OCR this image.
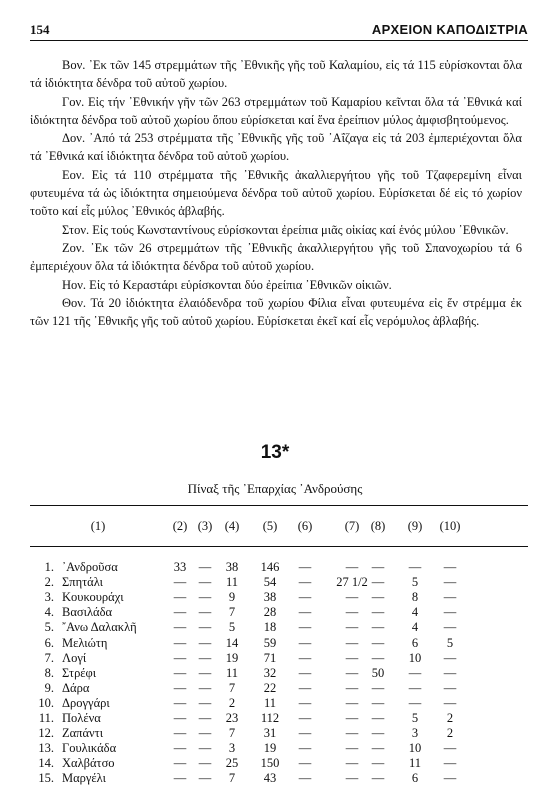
154	ΑΡΧΕΙΟΝ ΚΑΠΟΔΙΣΤΡΙΑ

Βον. ᾿Εκ τῶν 145 στρεμμάτων τῆς ᾿Εθνικῆς γῆς τοῦ Καλαμίου, εἰς τά 115 εὑρίσκονται ὅλα τά ἰδιόκτητα δένδρα τοῦ αὐτοῦ χωρίου.

Γον. Εἰς τήν ᾿Εθνικήν γῆν τῶν 263 στρεμμάτων τοῦ Καμαρίου κεῖνται ὅλα τά ᾿Εθνικά καί ἰδιόκτητα δένδρα τοῦ αὐτοῦ χωρίου ὅπου εὑρίσκεται καί ἕνα ἐρείπιον μύλος ἀμφισβητούμενος.

Δον. ᾿Από τά 253 στρέμματα τῆς ᾿Εθνικῆς γῆς τοῦ ᾿Αΐζαγα εἰς τά 203 ἐμπεριέχονται ὅλα τά ᾿Εθνικά καί ἰδιόκτητα δένδρα τοῦ αὐτοῦ χωρίου.

Εον. Εἰς τά 110 στρέμματα τῆς ᾿Εθνικῆς ἀκαλλιεργήτου γῆς τοῦ Τζαφερεμίνη εἶναι φυτευμένα τά ὡς ἰδιόκτητα σημειούμενα δένδρα τοῦ αὐτοῦ χωρίου. Εὑρίσκεται δέ εἰς τό χωρίον τοῦτο καί εἷς μύλος ᾿Εθνικός ἀβλαβής.

Στον. Εἰς τούς Κωνσταντίνους εὑρίσκονται ἐρείπια μιᾶς οἰκίας καί ἑνός μύλου ᾿Εθνικῶν.

Ζον. ᾿Εκ τῶν 26 στρεμμάτων τῆς ᾿Εθνικῆς ἀκαλλιεργήτου γῆς τοῦ Σπανοχωρίου τά 6 ἐμπεριέχουν ὅλα τά ἰδιόκτητα δένδρα τοῦ αὐτοῦ χωρίου.

Ηον. Εἰς τό Κεραστάρι εὑρίσκονται δύο ἐρείπια ᾿Εθνικῶν οἰκιῶν.

Θον. Τά 20 ἰδιόκτητα ἐλαιόδενδρα τοῦ χωρίου Φίλια εἶναι φυτευμένα εἰς ἕν στρέμμα ἐκ τῶν 121 τῆς ᾿Εθνικῆς γῆς τοῦ αὐτοῦ χωρίου. Εὑρίσκεται ἐκεῖ καί εἷς νερόμυλος ἀβλαβής.

13*
Πίναξ τῆς ᾿Επαρχίας ᾿Ανδρούσης
(1)	(2) (3) (4)	(5)	(6)	(7) (8)	(9)	(10)
1. ᾿Ανδροῦσα	33	—	38	146	—	—	—	—	—
2. Σπητάλι	—	—	11	54	—	27 1/2 —	5	—
3. Κουκουράχι	—	—	9	38	—	—	—	8	—
4. Βασιλάδα	—	—	7	28	—	—	—	4	—
5. ῎Ανω Δαλακλῆ	—	—	5	18	—	—	—	4	—
6. Μελιώτη	—	—	14	59	—	—	—	6	5
7. Λογί	—	—	19	71	—	—	—	10	—
8. Στρέφι	—	—	11	32	—	—	50	—	—
9. Δάρα	—	—	7	22	—	—	—	—	—
10. Δρογγάρι	—	—	2	11	—	—	—	—	—
11. Πολένα	—	—	23	112	—	—	—	5	2
12. Ζαπάντι	—	—	7	31	—	—	—	3	2
13. Γουλικάδα	—	—	3	19	—	—	—	10	—
14. Χαλβάτσο	—	—	25	150	—	—	—	11	—
15. Μαργέλι	—	—	7	43	—	—	—	6	—
